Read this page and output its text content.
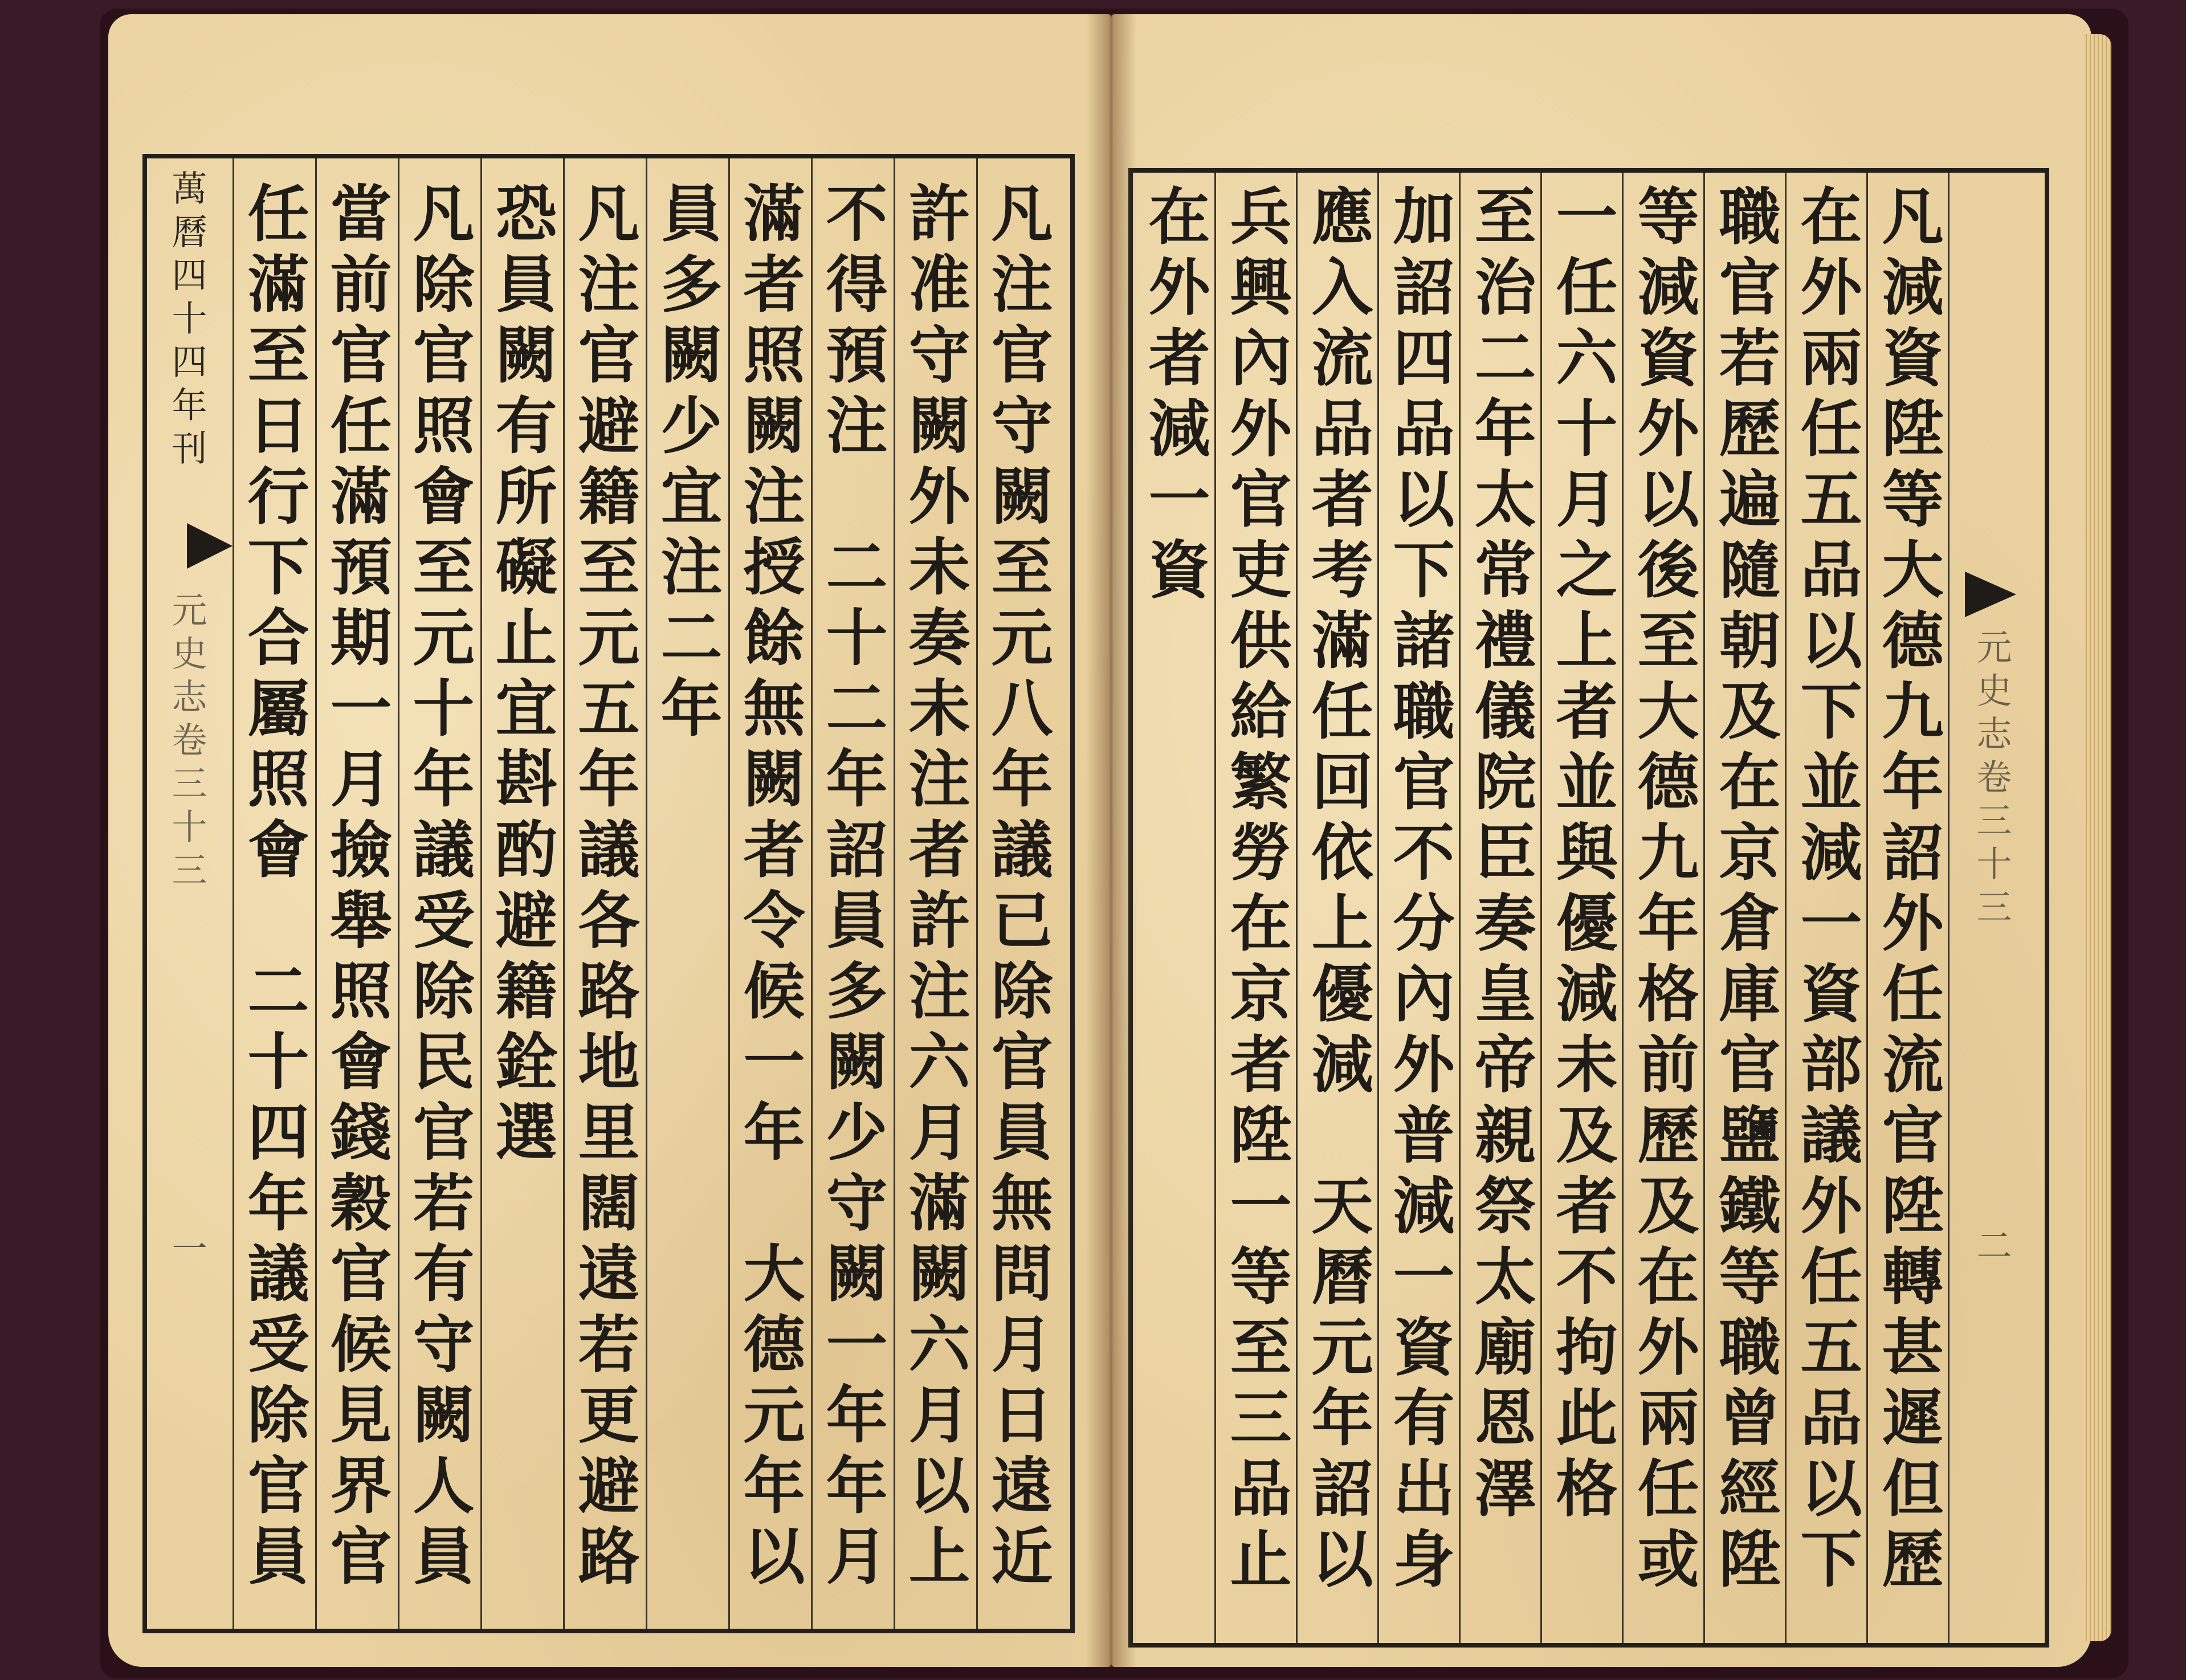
凡注官守闕至元八年議已除官員無問月日遠近
許准守闕外未奏未注者許注六月滿闕六月以上
不得預注　二十二年詔員多闕少守闕一年年月
滿者照闕注授餘無闕者令候一年　大德元年以
員多闕少宜注二年
凡注官避籍至元五年議各路地里闊遠若更避路
恐員闕有所礙止宜斟酌避籍銓選
凡除官照會至元十年議受除民官若有守闕人員
當前官任滿預期一月撿舉照會錢穀官候見界官
任滿至日行下合屬照會　二十四年議受除官員
萬曆四十四年刊
元史志卷三十三
一	凡減資陞等大德九年詔外任流官陞轉甚遲但歷
在外兩任五品以下並減一資部議外任五品以下
職官若歷遍隨朝及在京倉庫官鹽鐵等職曾經陞
等減資外以後至大德九年格前歷及在外兩任或
一任六十月之上者並與優減未及者不拘此格
至治二年太常禮儀院臣奏皇帝親祭太廟恩澤
加詔四品以下諸職官不分內外普減一資有出身
應入流品者考滿任回依上優減　天曆元年詔以
兵興內外官吏供給繁勞在京者陞一等至三品止
在外者減一資
元史志卷三十三
二
